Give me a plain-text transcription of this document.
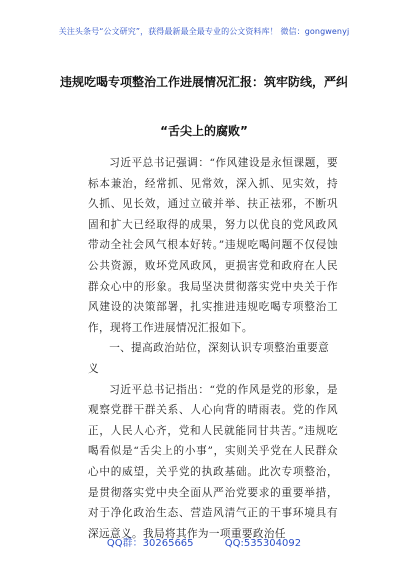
关注头条号“公文研究”，获得最新最全最专业的公文资料库！ 微信：gongwenyj
违规吃喝专项整治工作进展情况汇报：筑牢防线，严纠
“舌尖上的腐败”

习近平总书记强调：“作风建设是永恒课题，要标本兼治，经常抓、见常效，深入抓、见实效，持久抓、见长效，通过立破并举、扶正祛邪，不断巩固和扩大已经取得的成果，努力以优良的党风政风带动全社会风气根本好转。”违规吃喝问题不仅侵蚀公共资源，败坏党风政风，更损害党和政府在人民群众心中的形象。我局坚决贯彻落实党中央关于作风建设的决策部署，扎实推进违规吃喝专项整治工作，现将工作进展情况汇报如下。

一、提高政治站位，深刻认识专项整治重要意义

习近平总书记指出：“党的作风是党的形象，是观察党群干群关系、人心向背的晴雨表。党的作风正，人民人心齐，党和人民就能同甘共苦。”违规吃喝看似是“舌尖上的小事”，实则关乎党在人民群众心中的威望，关乎党的执政基础。此次专项整治，是贯彻落实党中央全面从严治党要求的重要举措，对于净化政治生态、营造风清气正的干事环境具有深远意义。我局将其作为一项重要政治任

QQ群：30265665	QQ:535304092
